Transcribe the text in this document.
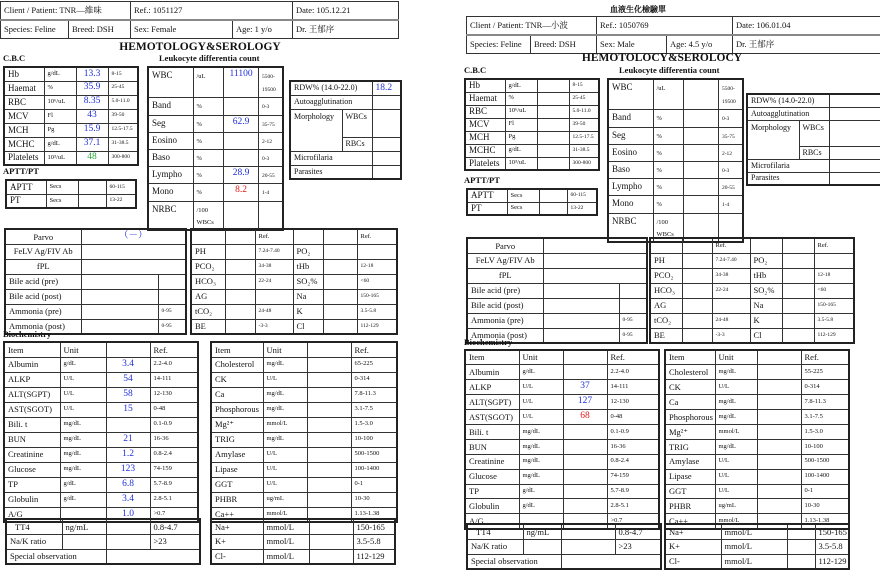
Client / Patient: TNR—維味		Ref.: 1051127		Date: 105.12.21
Species: Feline	Breed: DSH	Sex: Female	Age: 1 y/o	Dr. 王郁序
HEMOTOLOGY&SEROLOGY
C.B.C
Hb	g/dL	13.3	8-15
Haemat	%	35.9	25-45
RBC	10⁶/uL	8.35	5.0-11.0
MCV	Fl	43	39-50
MCH	Pg	15.9	12.5-17.5
MCHC	g/dL	37.1	31-38.5
Platelets	10³/uL	48	300-800
APTT/PT
APTT	Secs		60-115
PT	Secs		13-22
Leukocyte differentia count
WBC	/uL	11100	5500-
19500

Band	%		0-3

Seg	%	62.9	35-75

Eosino	%		2-12

Baso	%		0-3

Lympho	%	28.9	20-55

Mono	%	8.2	1-4

NRBC	/100
WBCs		

RDW% (14.0-22.0)		18.2
Autoagglutination		
Morphology	WBCs	
	RBCs	
Microfilaria		
Parasites		
Parvo	（－）	
FeLV Ag/FIV Ab		
fPL		
Bile acid (pre)		
Bile acid (post)		
Ammonia (pre)		0-95
Ammonia (post)		0-95
		Ref.			Ref.
PH		7.24-7.40	PO₂		
PCO₂		34-38	tHb		12-18
HCO₃		22-24	SO₂%		<60
AG			Na		150-165
tCO₂		24-48	K		3.5-5.8
BE		-3-3	Cl		112-129
Biochemistry
Item	Unit		Ref.
Albumin	g/dL	3.4	2.2-4.0
ALKP	U/L	54	14-111
ALT(SGPT)	U/L	58	12-130
AST(SGOT)	U/L	15	0-48
Bili. t	mg/dL		0.1-0.9
BUN	mg/dL	21	16-36
Creatinine	mg/dL	1.2	0.8-2.4
Glucose	mg/dL	123	74-159
TP	g/dL	6.8	5.7-8.9
Globulin	g/dL	3.4	2.8-5.1
A/G		1.0	>0.7
Item	Unit		Ref.
Cholesterol	mg/dL		65-225
CK	U/L		0-314
Ca	mg/dL		7.8-11.3
Phosphorous	mg/dL		3.1-7.5
Mg²⁺	mmol/L		1.5-3.0
TRIG	mg/dL		10-100
Amylase	U/L		500-1500
Lipase	U/L		100-1400
GGT	U/L		0-1
PHBR	ug/mL		10-30
Ca++	mmol/L		1.13-1.38
TT4	ng/mL		0.8-4.7
Na/K ratio			>23
Special observation			
Na+	mmol/L		150-165
K+	mmol/L		3.5-5.8
Cl-	mmol/L		112-129
血液生化檢驗單
Client / Patient: TNR—小波		Ref.: 1050769		Date: 106.01.04
Species: Feline	Breed: DSH	Sex: Male	Age: 4.5 y/o	Dr. 王郁序
HEMOTOLOCY&SEROLOCY
C.B.C
Hb	g/dL		8-15
Haemat	%		25-45
RBC	10⁶/uL		5.0-11.0
MCV	Fl		39-50
MCH	Pg		12.5-17.5
MCHC	g/dL		31-38.5
Platelets	10³/uL		300-800
APTT/PT
APTT	Secs		60-115
PT	Secs		13-22
Leukocyte differentia count
WBC	/uL		5500-
19500

Band	%		0-3

Seg	%		35-75

Eosino	%		2-12

Baso	%		0-3

Lympho	%		20-55

Mono	%		1-4

NRBC	/100
WBCs		

RDW% (14.0-22.0)		
Autoagglutination		
Morphology	WBCs	
	RBCs	
Microfilaria		
Parasites		
Parvo		
FeLV Ag/FIV Ab		
fPL		
Bile acid (pre)		
Bile acid (post)		
Ammonia (pre)		0-95
Ammonia (post)		0-95
		Ref.			Ref.
PH		7.24-7.40	PO₂		
PCO₂		34-38	tHb		12-18
HCO₃		22-24	SO₂%		<60
AG			Na		150-165
tCO₂		24-48	K		3.5-5.8
BE		-3-3	Cl		112-129
Biochemistry
Item	Unit		Ref.
Albumin	g/dL		2.2-4.0
ALKP	U/L	37	14-111
ALT(SGPT)	U/L	127	12-130
AST(SGOT)	U/L	68	0-48
Bili. t	mg/dL		0.1-0.9
BUN	mg/dL		16-36
Creatinine	mg/dL		0.8-2.4
Glucose	mg/dL		74-159
TP	g/dL		5.7-8.9
Globulin	g/dL		2.8-5.1
A/G			>0.7
Item	Unit		Ref.
Cholesterol	mg/dL		55-225
CK	U/L		0-314
Ca	mg/dL		7.8-11.3
Phosphorous	mg/dL		3.1-7.5
Mg²⁺	mmol/L		1.5-3.0
TRIG	mg/dL		10-100
Amylase	U/L		500-1500
Lipase	U/L		100-1400
GGT	U/L		0-1
PHBR	ug/mL		10-30
Ca++	mmol/L		1.13-1.38
TT4	ng/mL		0.8-4.7
Na/K ratio			>23
Special observation			
Na+	mmol/L		150-165
K+	mmol/L		3.5-5.8
Cl-	mmol/L		112-129
